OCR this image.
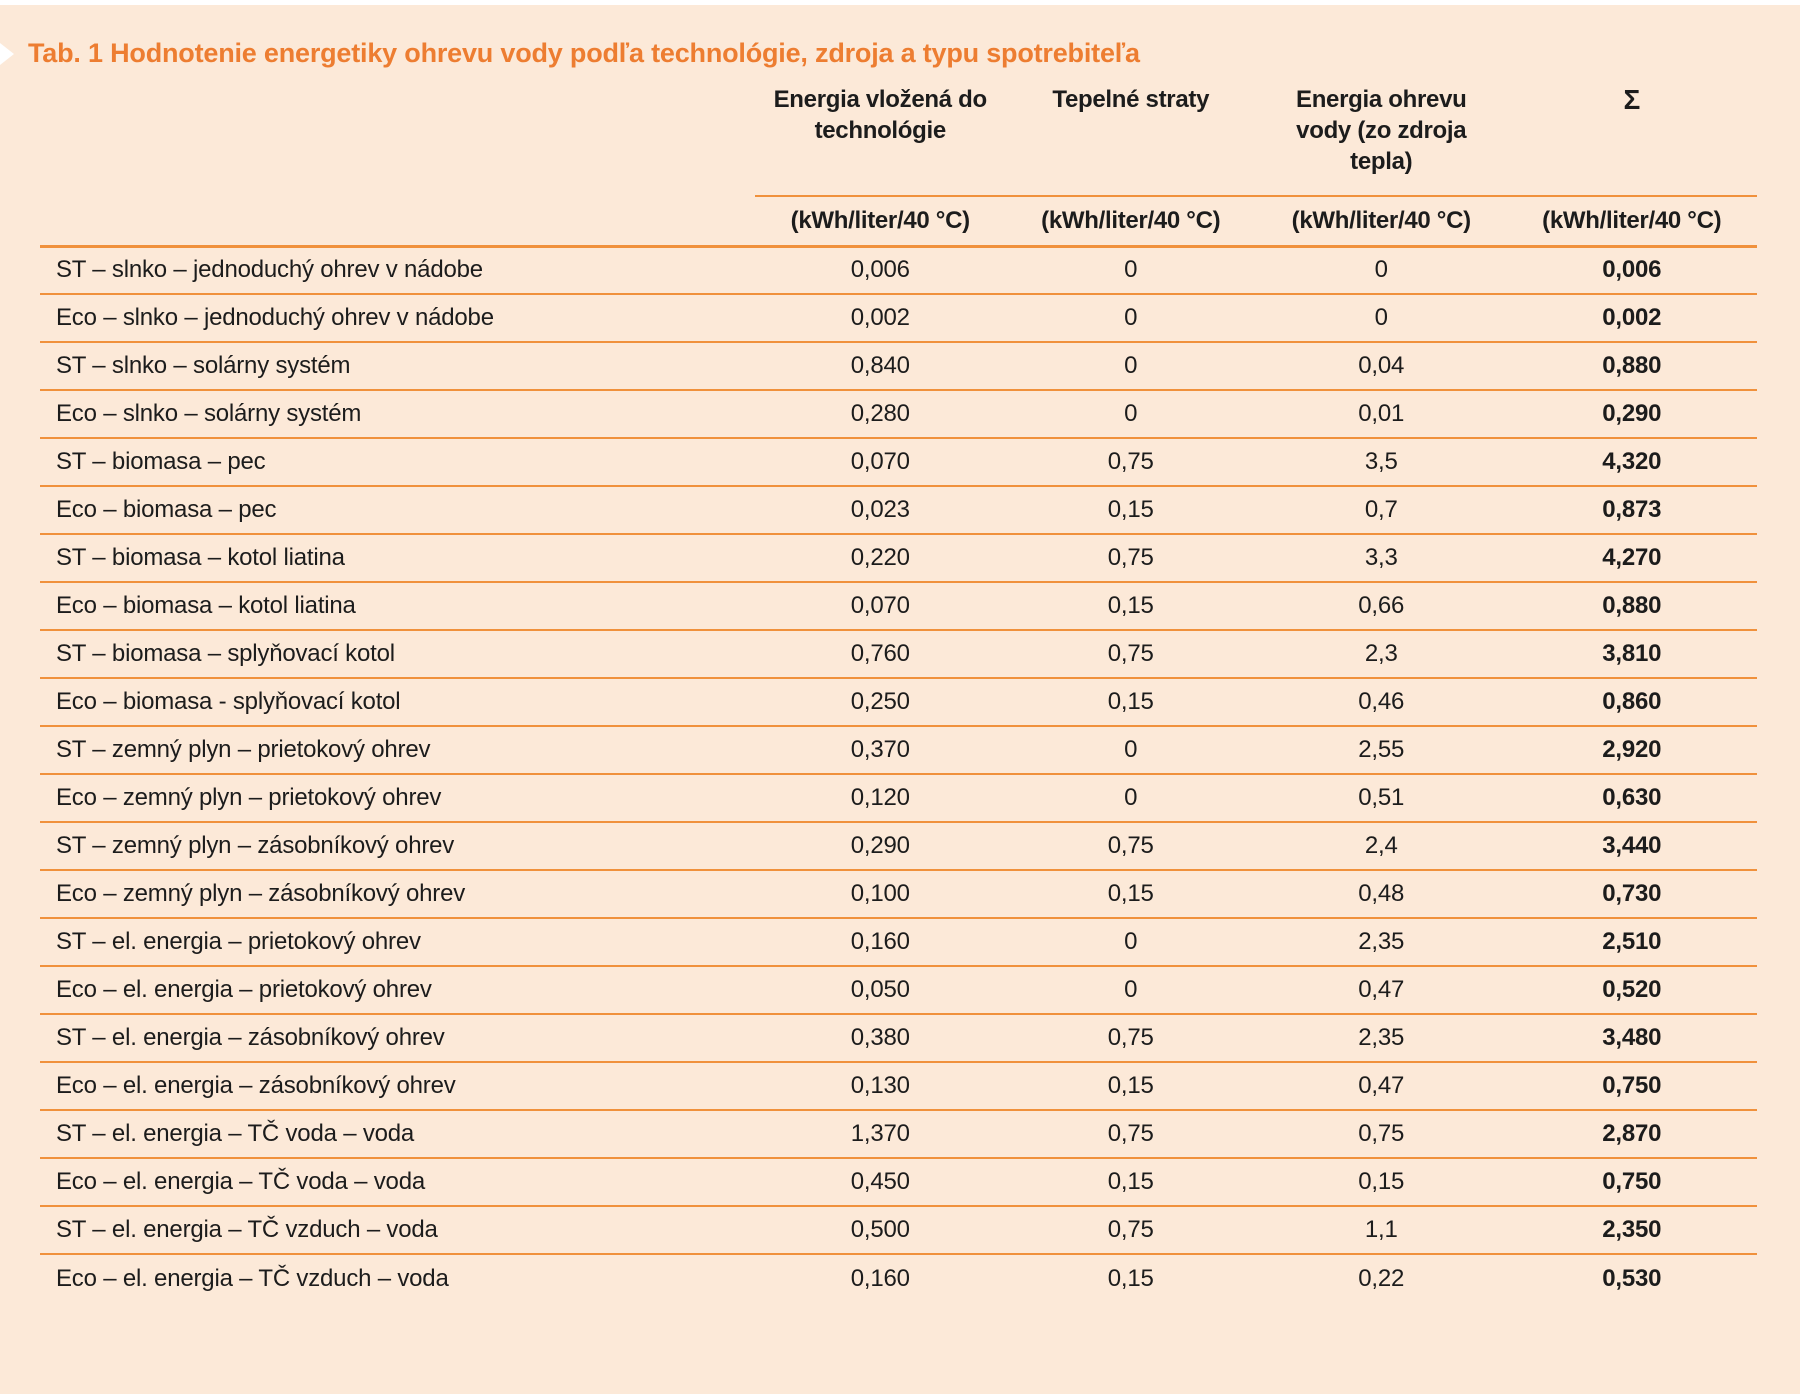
Tab. 1 Hodnotenie energetiky ohrevu vody podľa technológie, zdroja a typu spotrebiteľa
	Energia vložená do technológie	Tepelné straty	Energia ohrevu vody (zo zdroja tepla)	Σ
	(kWh/liter/40 °C)	(kWh/liter/40 °C)	(kWh/liter/40 °C)	(kWh/liter/40 °C)
ST – slnko – jednoduchý ohrev v nádobe	0,006	0	0	0,006
Eco – slnko – jednoduchý ohrev v nádobe	0,002	0	0	0,002
ST – slnko – solárny systém	0,840	0	0,04	0,880
Eco – slnko – solárny systém	0,280	0	0,01	0,290
ST – biomasa – pec	0,070	0,75	3,5	4,320
Eco – biomasa – pec	0,023	0,15	0,7	0,873
ST – biomasa – kotol liatina	0,220	0,75	3,3	4,270
Eco – biomasa – kotol liatina	0,070	0,15	0,66	0,880
ST – biomasa – splyňovací kotol	0,760	0,75	2,3	3,810
Eco – biomasa - splyňovací kotol	0,250	0,15	0,46	0,860
ST – zemný plyn – prietokový ohrev	0,370	0	2,55	2,920
Eco – zemný plyn – prietokový ohrev	0,120	0	0,51	0,630
ST – zemný plyn – zásobníkový ohrev	0,290	0,75	2,4	3,440
Eco – zemný plyn – zásobníkový ohrev	0,100	0,15	0,48	0,730
ST – el. energia – prietokový ohrev	0,160	0	2,35	2,510
Eco – el. energia – prietokový ohrev	0,050	0	0,47	0,520
ST – el. energia – zásobníkový ohrev	0,380	0,75	2,35	3,480
Eco – el. energia – zásobníkový ohrev	0,130	0,15	0,47	0,750
ST – el. energia – TČ voda – voda	1,370	0,75	0,75	2,870
Eco – el. energia – TČ voda – voda	0,450	0,15	0,15	0,750
ST – el. energia – TČ vzduch – voda	0,500	0,75	1,1	2,350
Eco – el. energia – TČ vzduch – voda	0,160	0,15	0,22	0,530
